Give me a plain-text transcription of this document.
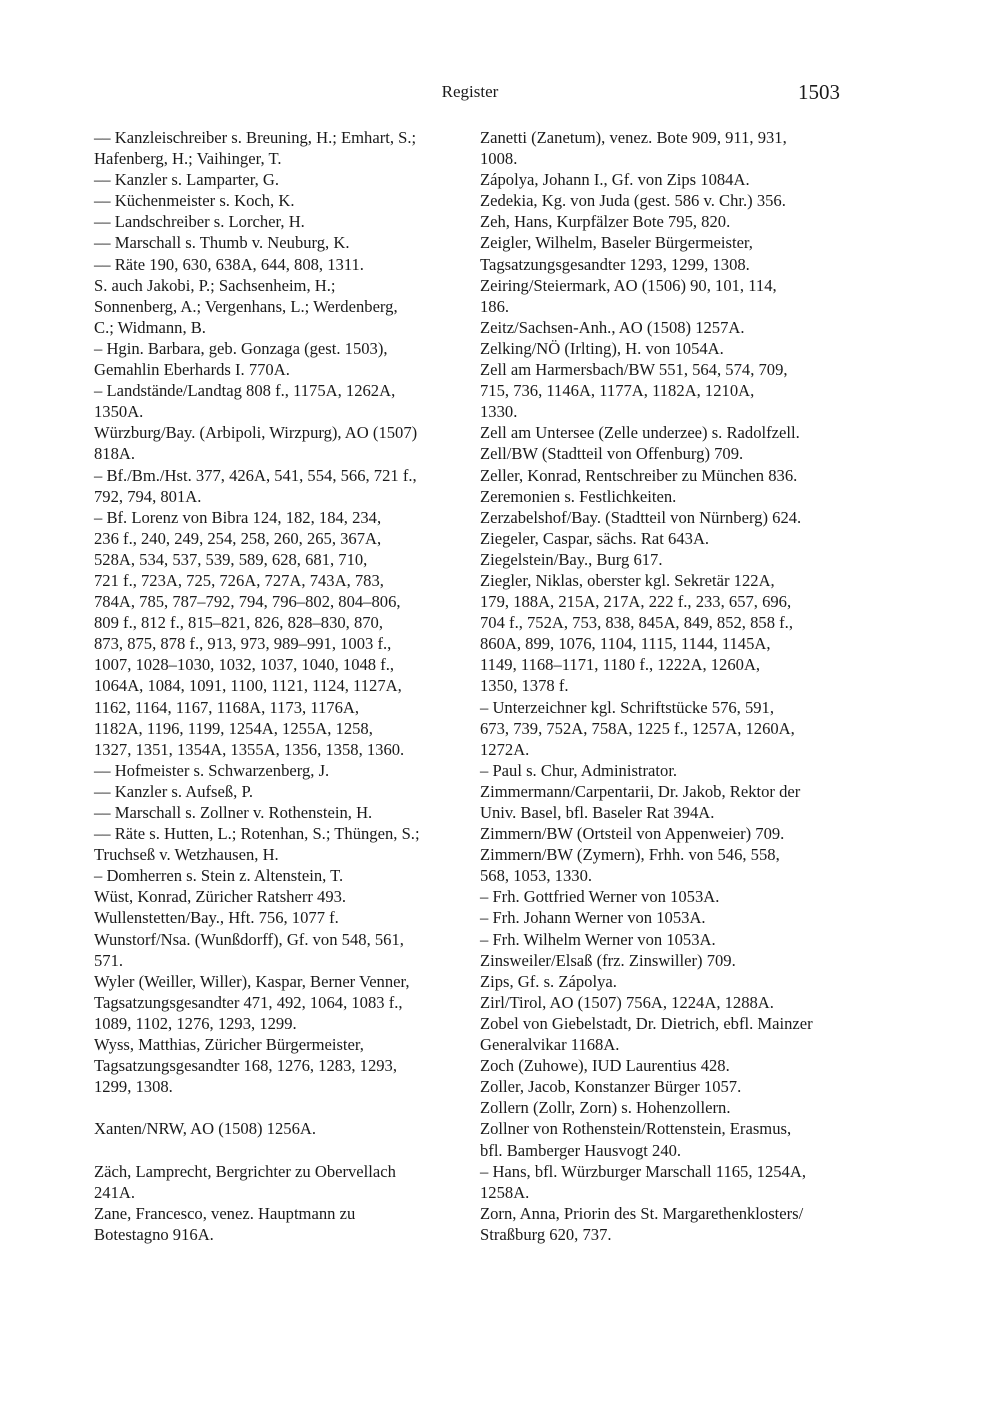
Register	1503
–– Kanzleischreiber s. Breuning, H.; Emhart, S.;
Hafenberg, H.; Vaihinger, T.
–– Kanzler s. Lamparter, G.
–– Küchenmeister s. Koch, K.
–– Landschreiber s. Lorcher, H.
–– Marschall s. Thumb v. Neuburg, K.
–– Räte 190, 630, 638A, 644, 808, 1311.
S. auch Jakobi, P.; Sachsenheim, H.;
Sonnenberg, A.; Vergenhans, L.; Werdenberg,
C.; Widmann, B.
– Hgin. Barbara, geb. Gonzaga (gest. 1503),
Gemahlin Eberhards I. 770A.
– Landstände/Landtag 808 f., 1175A, 1262A,
1350A.
Würzburg/Bay. (Arbipoli, Wirzpurg), AO (1507)
818A.
– Bf./Bm./Hst. 377, 426A, 541, 554, 566, 721 f.,
792, 794, 801A.
– Bf. Lorenz von Bibra 124, 182, 184, 234,
236 f., 240, 249, 254, 258, 260, 265, 367A,
528A, 534, 537, 539, 589, 628, 681, 710,
721 f., 723A, 725, 726A, 727A, 743A, 783,
784A, 785, 787–792, 794, 796–802, 804–806,
809 f., 812 f., 815–821, 826, 828–830, 870,
873, 875, 878 f., 913, 973, 989–991, 1003 f.,
1007, 1028–1030, 1032, 1037, 1040, 1048 f.,
1064A, 1084, 1091, 1100, 1121, 1124, 1127A,
1162, 1164, 1167, 1168A, 1173, 1176A,
1182A, 1196, 1199, 1254A, 1255A, 1258,
1327, 1351, 1354A, 1355A, 1356, 1358, 1360.
–– Hofmeister s. Schwarzenberg, J.
–– Kanzler s. Aufseß, P.
–– Marschall s. Zollner v. Rothenstein, H.
–– Räte s. Hutten, L.; Rotenhan, S.; Thüngen, S.;
Truchseß v. Wetzhausen, H.
– Domherren s. Stein z. Altenstein, T.
Wüst, Konrad, Züricher Ratsherr 493.
Wullenstetten/Bay., Hft. 756, 1077 f.
Wunstorf/Nsa. (Wunßdorff), Gf. von 548, 561,
571.
Wyler (Weiller, Willer), Kaspar, Berner Venner,
Tagsatzungsgesandter 471, 492, 1064, 1083 f.,
1089, 1102, 1276, 1293, 1299.
Wyss, Matthias, Züricher Bürgermeister,
Tagsatzungsgesandter 168, 1276, 1283, 1293,
1299, 1308.
Xanten/NRW, AO (1508) 1256A.
Zäch, Lamprecht, Bergrichter zu Obervellach
241A.
Zane, Francesco, venez. Hauptmann zu
Botestagno 916A.
Zanetti (Zanetum), venez. Bote 909, 911, 931,
1008.
Zápolya, Johann I., Gf. von Zips 1084A.
Zedekia, Kg. von Juda (gest. 586 v. Chr.) 356.
Zeh, Hans, Kurpfälzer Bote 795, 820.
Zeigler, Wilhelm, Baseler Bürgermeister,
Tagsatzungsgesandter 1293, 1299, 1308.
Zeiring/Steiermark, AO (1506) 90, 101, 114,
186.
Zeitz/Sachsen-Anh., AO (1508) 1257A.
Zelking/NÖ (Irlting), H. von 1054A.
Zell am Harmersbach/BW 551, 564, 574, 709,
715, 736, 1146A, 1177A, 1182A, 1210A,
1330.
Zell am Untersee (Zelle underzee) s. Radolfzell.
Zell/BW (Stadtteil von Offenburg) 709.
Zeller, Konrad, Rentschreiber zu München 836.
Zeremonien s. Festlichkeiten.
Zerzabelshof/Bay. (Stadtteil von Nürnberg) 624.
Ziegeler, Caspar, sächs. Rat 643A.
Ziegelstein/Bay., Burg 617.
Ziegler, Niklas, oberster kgl. Sekretär 122A,
179, 188A, 215A, 217A, 222 f., 233, 657, 696,
704 f., 752A, 753, 838, 845A, 849, 852, 858 f.,
860A, 899, 1076, 1104, 1115, 1144, 1145A,
1149, 1168–1171, 1180 f., 1222A, 1260A,
1350, 1378 f.
– Unterzeichner kgl. Schriftstücke 576, 591,
673, 739, 752A, 758A, 1225 f., 1257A, 1260A,
1272A.
– Paul s. Chur, Administrator.
Zimmermann/Carpentarii, Dr. Jakob, Rektor der
Univ. Basel, bfl. Baseler Rat 394A.
Zimmern/BW (Ortsteil von Appenweier) 709.
Zimmern/BW (Zymern), Frhh. von 546, 558,
568, 1053, 1330.
– Frh. Gottfried Werner von 1053A.
– Frh. Johann Werner von 1053A.
– Frh. Wilhelm Werner von 1053A.
Zinsweiler/Elsaß (frz. Zinswiller) 709.
Zips, Gf. s. Zápolya.
Zirl/Tirol, AO (1507) 756A, 1224A, 1288A.
Zobel von Giebelstadt, Dr. Dietrich, ebfl. Mainzer
Generalvikar 1168A.
Zoch (Zuhowe), IUD Laurentius 428.
Zoller, Jacob, Konstanzer Bürger 1057.
Zollern (Zollr, Zorn) s. Hohenzollern.
Zollner von Rothenstein/Rottenstein, Erasmus,
bfl. Bamberger Hausvogt 240.
– Hans, bfl. Würzburger Marschall 1165, 1254A,
1258A.
Zorn, Anna, Priorin des St. Margarethenklosters/
Straßburg 620, 737.
